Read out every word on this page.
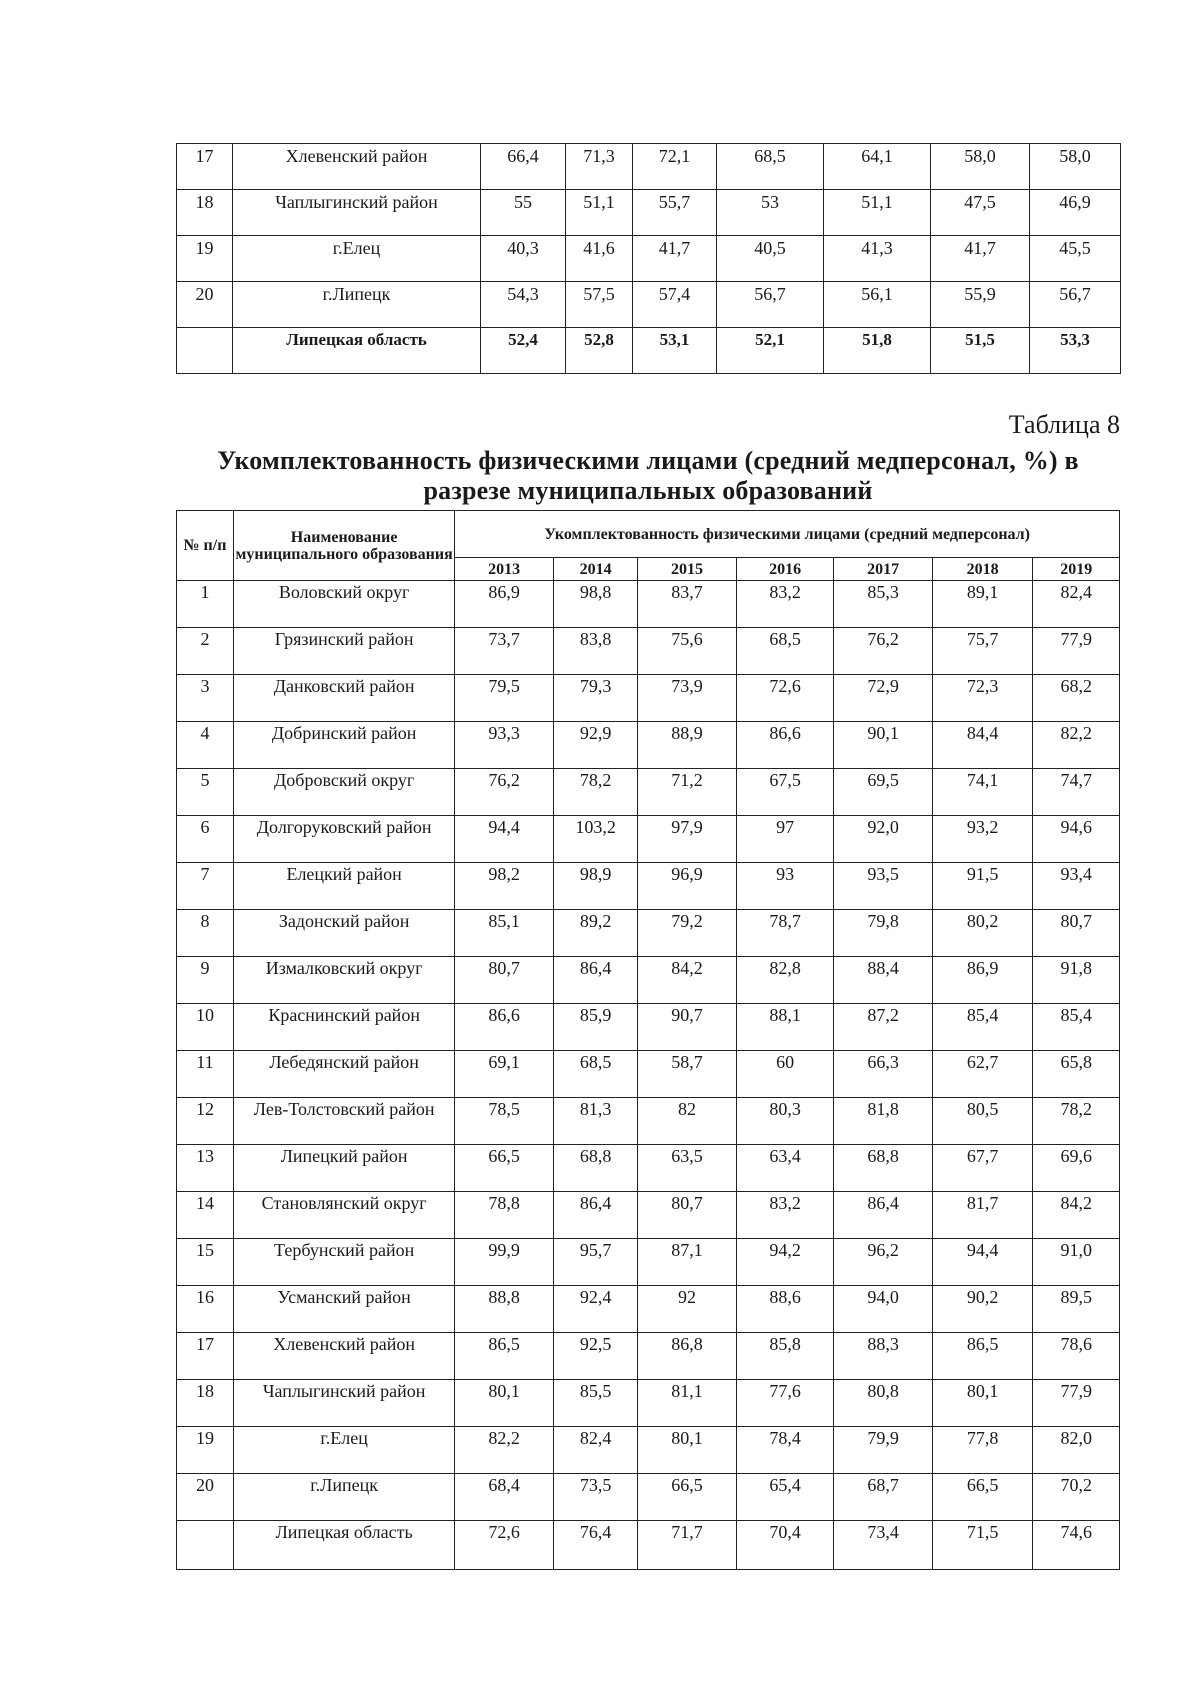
17	Хлевенский район	66,4	71,3	72,1	68,5	64,1	58,0	58,0
18	Чаплыгинский район	55	51,1	55,7	53	51,1	47,5	46,9
19	г.Елец	40,3	41,6	41,7	40,5	41,3	41,7	45,5
20	г.Липецк	54,3	57,5	57,4	56,7	56,1	55,9	56,7
	Липецкая область	52,4	52,8	53,1	52,1	51,8	51,5	53,3
Таблица 8
Укомплектованность физическими лицами (средний медперсонал, %) в разрезе муниципальных образований
№ п/п	Наименование муниципального образования	Укомплектованность физическими лицами (средний медперсонал)						
		2013	2014	2015	2016	2017	2018	2019
1	Воловский округ	86,9	98,8	83,7	83,2	85,3	89,1	82,4
2	Грязинский район	73,7	83,8	75,6	68,5	76,2	75,7	77,9
3	Данковский район	79,5	79,3	73,9	72,6	72,9	72,3	68,2
4	Добринский район	93,3	92,9	88,9	86,6	90,1	84,4	82,2
5	Добровский округ	76,2	78,2	71,2	67,5	69,5	74,1	74,7
6	Долгоруковский район	94,4	103,2	97,9	97	92,0	93,2	94,6
7	Елецкий район	98,2	98,9	96,9	93	93,5	91,5	93,4
8	Задонский район	85,1	89,2	79,2	78,7	79,8	80,2	80,7
9	Измалковский округ	80,7	86,4	84,2	82,8	88,4	86,9	91,8
10	Краснинский район	86,6	85,9	90,7	88,1	87,2	85,4	85,4
11	Лебедянский район	69,1	68,5	58,7	60	66,3	62,7	65,8
12	Лев-Толстовский район	78,5	81,3	82	80,3	81,8	80,5	78,2
13	Липецкий район	66,5	68,8	63,5	63,4	68,8	67,7	69,6
14	Становлянский округ	78,8	86,4	80,7	83,2	86,4	81,7	84,2
15	Тербунский район	99,9	95,7	87,1	94,2	96,2	94,4	91,0
16	Усманский район	88,8	92,4	92	88,6	94,0	90,2	89,5
17	Хлевенский район	86,5	92,5	86,8	85,8	88,3	86,5	78,6
18	Чаплыгинский район	80,1	85,5	81,1	77,6	80,8	80,1	77,9
19	г.Елец	82,2	82,4	80,1	78,4	79,9	77,8	82,0
20	г.Липецк	68,4	73,5	66,5	65,4	68,7	66,5	70,2
	Липецкая область	72,6	76,4	71,7	70,4	73,4	71,5	74,6
